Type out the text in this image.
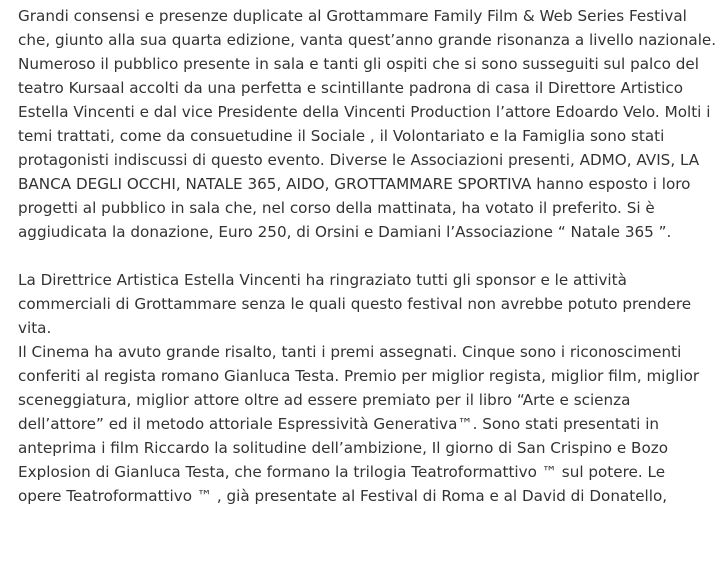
Grandi consensi e presenze duplicate al Grottammare Family Film & Web Series Festival
che, giunto alla sua quarta edizione, vanta quest’anno grande risonanza a livello nazionale.
Numeroso il pubblico presente in sala e tanti gli ospiti che si sono susseguiti sul palco del
teatro Kursaal accolti da una perfetta e scintillante padrona di casa il Direttore Artistico
Estella Vincenti e dal vice Presidente della Vincenti Production l’attore Edoardo Velo. Molti i
temi trattati, come da consuetudine il Sociale , il Volontariato e la Famiglia sono stati
protagonisti indiscussi di questo evento. Diverse le Associazioni presenti, ADMO, AVIS, LA
BANCA DEGLI OCCHI, NATALE 365, AIDO, GROTTAMMARE SPORTIVA hanno esposto i loro
progetti al pubblico in sala che, nel corso della mattinata, ha votato il preferito. Si è
aggiudicata la donazione, Euro 250, di Orsini e Damiani l’Associazione “ Natale 365 ”.
La Direttrice Artistica Estella Vincenti ha ringraziato tutti gli sponsor e le attività
commerciali di Grottammare senza le quali questo festival non avrebbe potuto prendere
vita.
Il Cinema ha avuto grande risalto, tanti i premi assegnati. Cinque sono i riconoscimenti
conferiti al regista romano Gianluca Testa. Premio per miglior regista, miglior film, miglior
sceneggiatura, miglior attore oltre ad essere premiato per il libro “Arte e scienza
dell’attore” ed il metodo attoriale Espressività Generativa™. Sono stati presentati in
anteprima i film Riccardo la solitudine dell’ambizione, Il giorno di San Crispino e Bozo
Explosion di Gianluca Testa, che formano la trilogia Teatroformattivo ™ sul potere. Le
opere Teatroformattivo ™ , già presentate al Festival di Roma e al David di Donatello,
